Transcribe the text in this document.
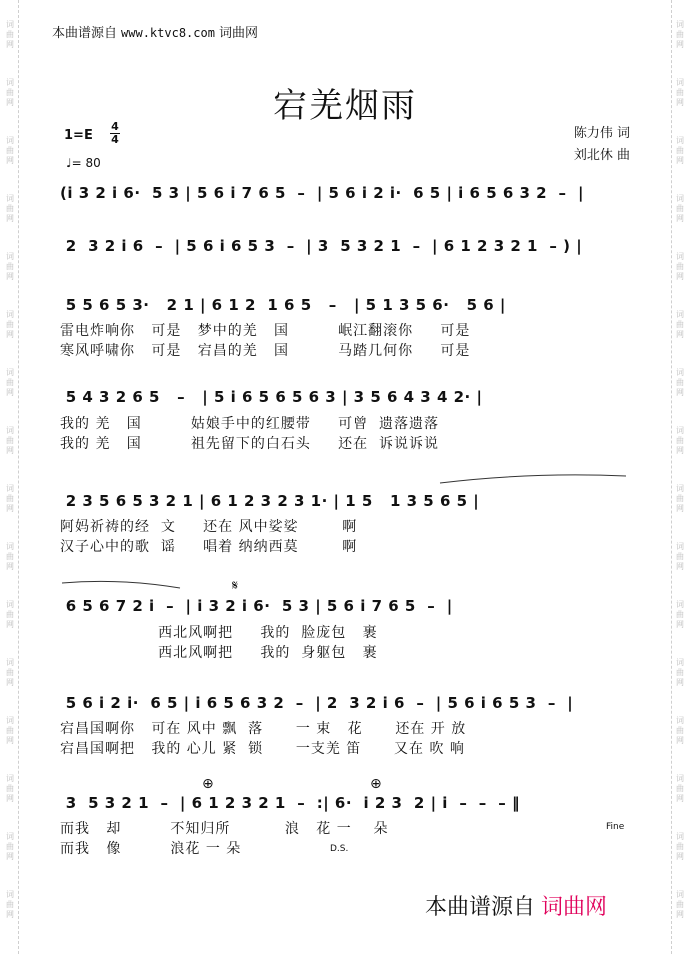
词
曲
网
词
曲
网
词
曲
网
词
曲
网
词
曲
网
词
曲
网
词
曲
网
词
曲
网
词
曲
网
词
曲
网
词
曲
网
词
曲
网
词
曲
网
词
曲
网
词
曲
网
词
曲
网
词
曲
网
词
曲
网
词
曲
网
词
曲
网
词
曲
网
词
曲
网
词
曲
网
词
曲
网
词
曲
网
词
曲
网
词
曲
网
词
曲
网
词
曲
网
词
曲
网
词
曲
网
词
曲
网
本曲谱源自 www.ktvc8.com 词曲网
宕羌烟雨
1=E
4
4
♩= 80
陈力伟 词
刘北休 曲
(i 3 2 i 6·  5 3 | 5 6 i 7 6 5  –  | 5 6 i 2 i·  6 5 | i 6 5 6 3 2  –  |
2  3 2 i 6  –  | 5 6 i 6 5 3  –  | 3  5 3 2 1  –  | 6 1 2 3 2 1  – ) |
5 5 6 5 3·   2 1 | 6 1 2  1 6 5   –   | 5 1 3 5 6·   5 6 |
雷电炸响你   可是   梦中的羌   国         岷江翻滚你     可是
寒风呼啸你   可是   宕昌的羌   国         马踏几何你     可是
5 4 3 2 6 5   –   | 5 i 6 5 6 5 6 3 | 3 5 6 4 3 4 2· |
我的 羌   国         姑娘手中的红腰带     可曾  遗落遗落
我的 羌   国         祖先留下的白石头     还在  诉说诉说
2 3 5 6 5 3 2 1 | 6 1 2 3 2 3 1· | 1 5   1 3 5 6 5 |
阿妈祈祷的经  文     还在 风中娑娑        啊
汉子心中的歌  谣     唱着 纳纳西莫        啊
𝄋
6 5 6 7 2 i  –  | i 3 2 i 6·  5 3 | 5 6 i 7 6 5  –  |
西北风啊把     我的  脸庞包   裹
西北风啊把     我的  身躯包   裹
5 6 i 2 i·  6 5 | i 6 5 6 3 2  –  | 2  3 2 i 6  –  | 5 6 i 6 5 3  –  |
宕昌国啊你   可在 风中 飘  落      一 束   花      还在 开 放
宕昌国啊把   我的 心儿 紧  锁      一支羌 笛      又在 吹 响
⊕	⊕
3  5 3 2 1  –  | 6 1 2 3 2 1  –  :| 6·  i 2 3  2 | i  –  –  – ‖
而我   却         不知归所          浪   花 一    朵
而我   像         浪花 一 朵
Fine
D.S.
本曲谱源自 词曲网
